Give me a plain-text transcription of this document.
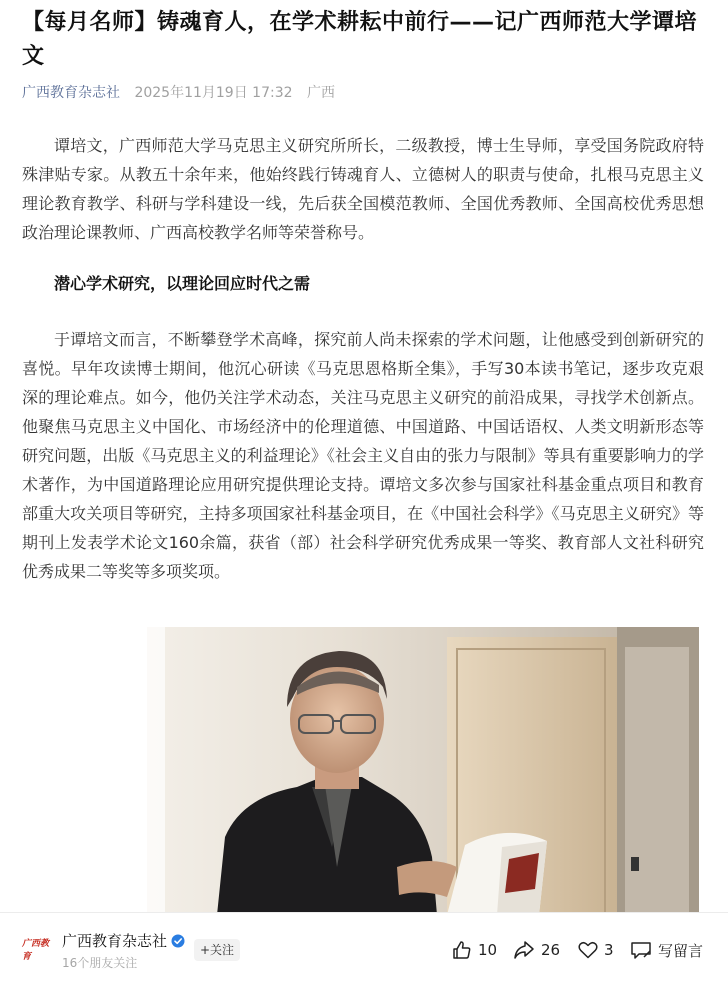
【每月名师】铸魂育人，在学术耕耘中前行——记广西师范大学谭培文
广西教育杂志社 2025年11月19日 17:32 广西

谭培文，广西师范大学马克思主义研究所所长，二级教授，博士生导师，享受国务院政府特殊津贴专家。从教五十余年来，他始终践行铸魂育人、立德树人的职责与使命，扎根马克思主义理论教育教学、科研与学科建设一线，先后获全国模范教师、全国优秀教师、全国高校优秀思想政治理论课教师、广西高校教学名师等荣誉称号。

潜心学术研究，以理论回应时代之需

于谭培文而言，不断攀登学术高峰，探究前人尚未探索的学术问题，让他感受到创新研究的喜悦。早年攻读博士期间，他沉心研读《马克思恩格斯全集》，手写30本读书笔记，逐步攻克艰深的理论难点。如今，他仍关注学术动态，关注马克思主义研究的前沿成果，寻找学术创新点。他聚焦马克思主义中国化、市场经济中的伦理道德、中国道路、中国话语权、人类文明新形态等研究问题，出版《马克思主义的利益理论》《社会主义自由的张力与限制》等具有重要影响力的学术著作，为中国道路理论应用研究提供理论支持。谭培文多次参与国家社科基金重点项目和教育部重大攻关项目等研究，主持多项国家社科基金项目，在《中国社会科学》《马克思主义研究》等期刊上发表学术论文160余篇，获省（部）社会科学研究优秀成果一等奖、教育部人文社科研究优秀成果二等奖等多项奖项。

广西教育
广西教育杂志社
16个朋友关注
+关注	10	26	3	写留言
